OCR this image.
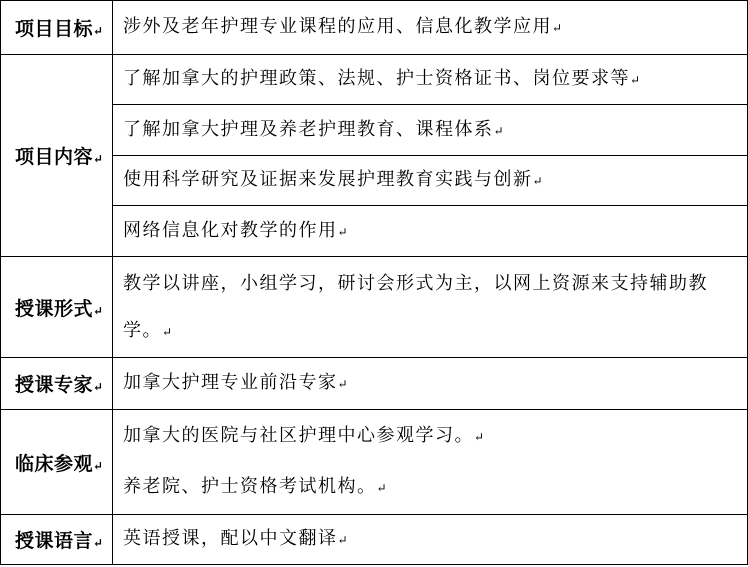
项目目标↵	涉外及老年护理专业课程的应用、信息化教学应用↵
项目内容↵	了解加拿大的护理政策、法规、护士资格证书、岗位要求等↵
	了解加拿大护理及养老护理教育、课程体系↵
	使用科学研究及证据来发展护理教育实践与创新↵
	网络信息化对教学的作用↵
授课形式↵	教学以讲座，小组学习，研讨会形式为主，以网上资源来支持辅助教学。↵
授课专家↵	加拿大护理专业前沿专家↵
临床参观↵	加拿大的医院与社区护理中心参观学习。↵
养老院、护士资格考试机构。↵

授课语言↵	英语授课，配以中文翻译↵
